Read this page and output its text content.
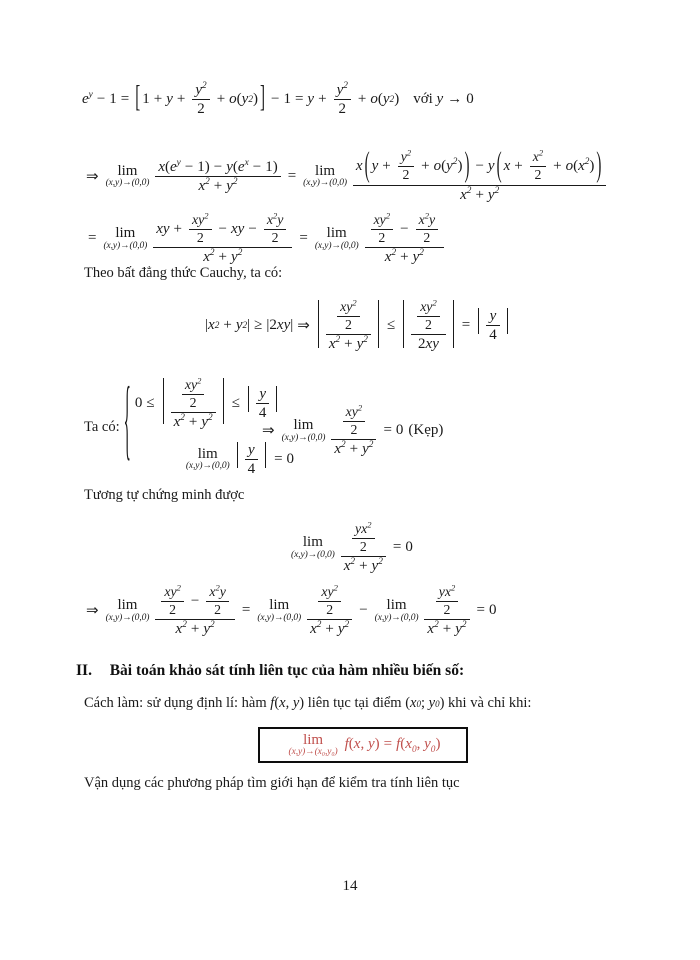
$e^y - 1$ = [ $1 + y + \frac{y^2}{2} + o$ ( y 2 ) ] − $1 = y + \frac{y^2}{2} + o$ ( y 2 ) với
y → 0
⇒ lim
$(x,y)\to(0,0) \frac{x(e^y - 1) - y(e^x - 1)}{x^2 + y^2} = \lim$
$(x,y)\to(0,0) \frac{x ( y + \frac{y^2}{2} + o(y^2) ) - y ( x + \frac{x^2}{2} + o(x^2) )}{x^2 + y^2}$
= lim
$(x,y)\to(0,0) \frac{xy + \frac{xy^2}{2} - xy - \frac{x^2y}{2}}{x^2 + y^2} = \lim$
$(x,y)\to(0,0) \frac{\frac{xy^2}{2} - \frac{x^2y}{2}}{x^2 + y^2}$
Theo bất đẳng thức Cauchy, ta có:
| x 2 + y 2 | ≥ |2 xy | ⇒ $\frac{\frac{xy^2}{2}}{x^2 + y^2} \le \frac{\frac{xy^2}{2}}{2xy} = \frac{y}{4}$
Ta có: { $0 \le \frac{\frac{xy^2}{2}}{x^2 + y^2} \le \frac{y}{4}$
lim
$(x,y)\to(0,0) \frac{y}{4} = 0$
⇒ lim
$(x,y)\to(0,0) \frac{\frac{xy^2}{2}}{x^2 + y^2} = 0$ (Kẹp)
Tương tự chứng minh được
lim
$(x,y)\to(0,0) \frac{\frac{yx^2}{2}}{x^2 + y^2} = 0$
⇒ lim
$(x,y)\to(0,0) \frac{\frac{xy^2}{2} - \frac{x^2y}{2}}{x^2 + y^2} = \lim$
$(x,y)\to(0,0) \frac{\frac{xy^2}{2}}{x^2 + y^2} - \lim$
$(x,y)\to(0,0) \frac{\frac{yx^2}{2}}{x^2 + y^2} = 0$
II. Bài toán khảo sát tính liên tục của hàm nhiều biến số:
Cách làm: sử dụng định lí: hàm f ( x , y ) liên tục tại điểm ( x 0 ; y 0 ) khi và chỉ khi:
lim
(x,y)→(x₀,y₀) f(x, $y) = f(x_0$, $y_0$)
Vận dụng các phương pháp tìm giới hạn để kiểm tra tính liên tục
14
